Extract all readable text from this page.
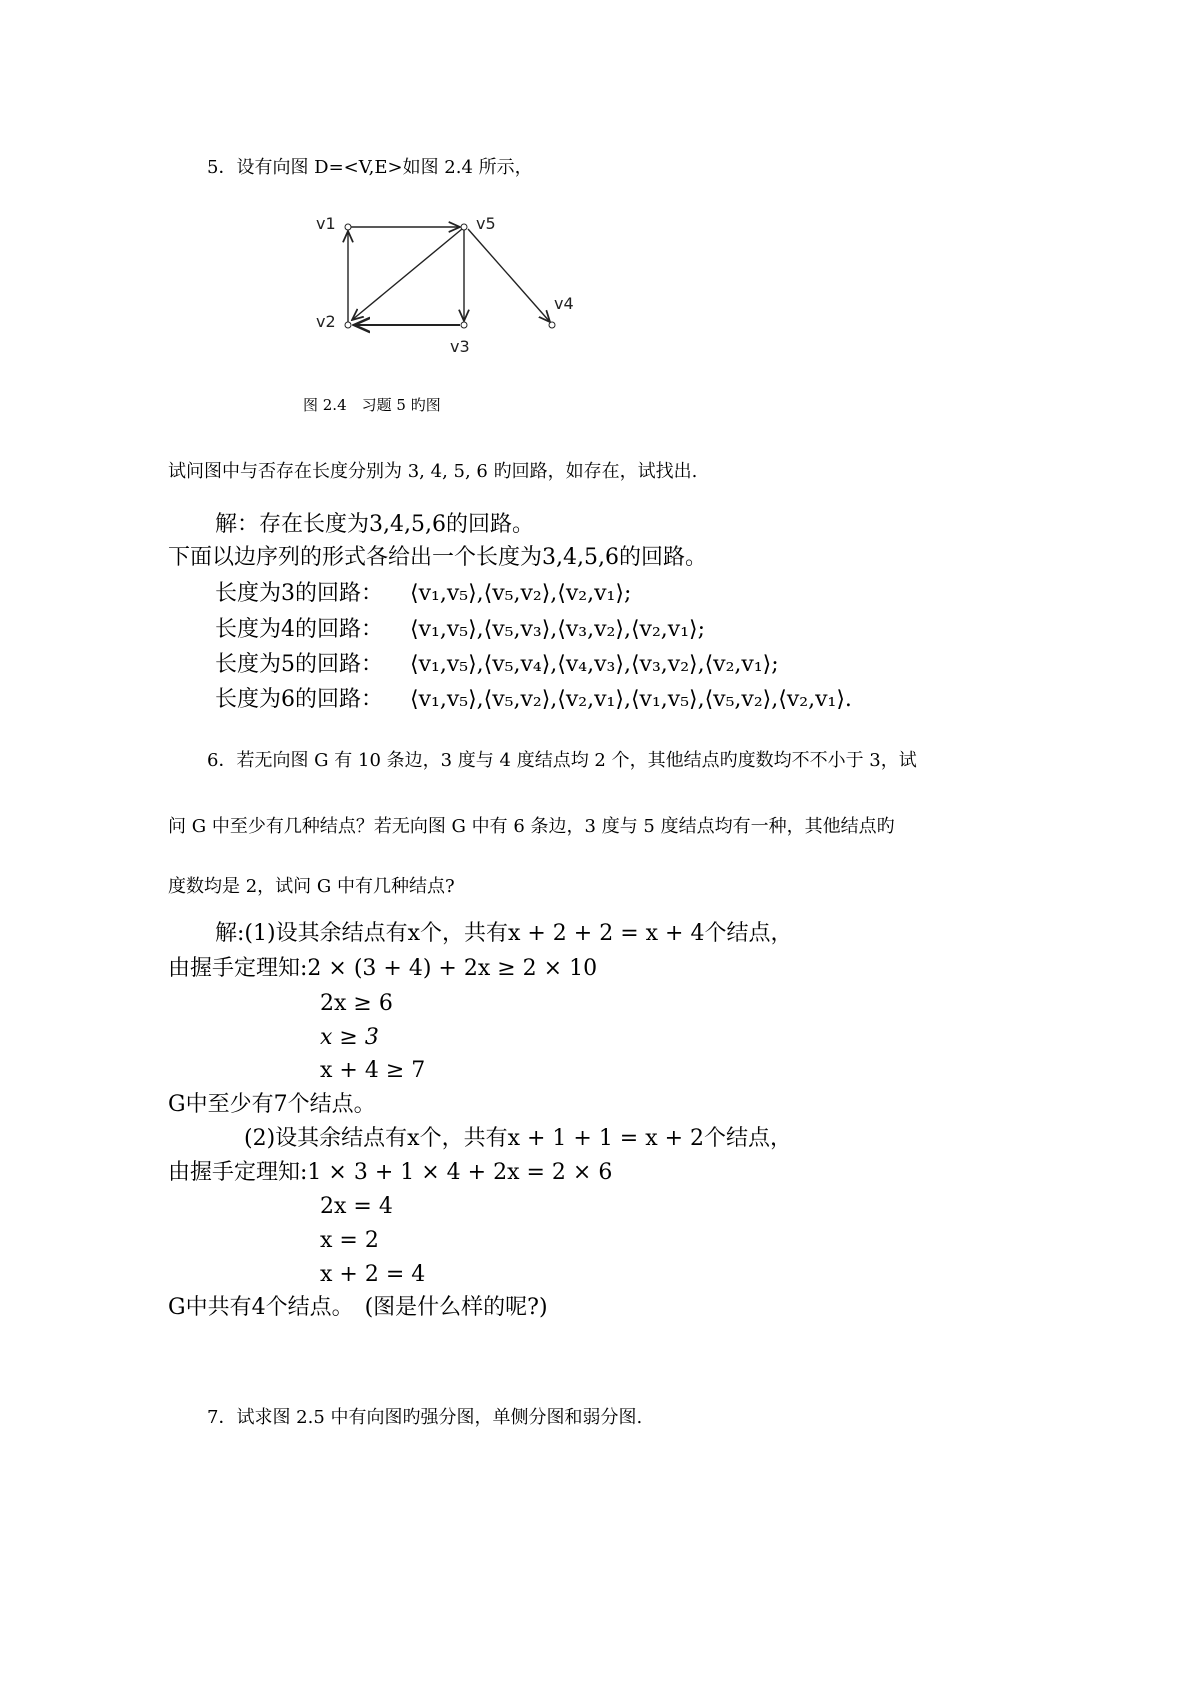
5．设有向图 D=<V,E>如图 2.4 所示，
v1	v5
v2
v3
v4
图 2.4　习题 5 旳图
试问图中与否存在长度分别为 3, 4, 5, 6 旳回路，如存在，试找出.
解：存在长度为3,4,5,6的回路。
下面以边序列的形式各给出一个长度为3,4,5,6的回路。
长度为3的回路： ⟨v₁,v₅⟩,⟨v₅,v₂⟩,⟨v₂,v₁⟩;
长度为4的回路： ⟨v₁,v₅⟩,⟨v₅,v₃⟩,⟨v₃,v₂⟩,⟨v₂,v₁⟩;
长度为5的回路： ⟨v₁,v₅⟩,⟨v₅,v₄⟩,⟨v₄,v₃⟩,⟨v₃,v₂⟩,⟨v₂,v₁⟩;
长度为6的回路： ⟨v₁,v₅⟩,⟨v₅,v₂⟩,⟨v₂,v₁⟩,⟨v₁,v₅⟩,⟨v₅,v₂⟩,⟨v₂,v₁⟩.
6．若无向图 G 有 10 条边，3 度与 4 度结点均 2 个，其他结点旳度数均不不小于 3，试
问 G 中至少有几种结点？若无向图 G 中有 6 条边，3 度与 5 度结点均有一种，其他结点旳
度数均是 2，试问 G 中有几种结点?
解:(1)设其余结点有x个，共有x + 2 + 2 = x + 4个结点，
由握手定理知:2 × (3 + 4) + 2x ≥ 2 × 10
2x ≥ 6
x ≥ 3
x + 4 ≥ 7
G中至少有7个结点。
(2)设其余结点有x个，共有x + 1 + 1 = x + 2个结点，
由握手定理知:1 × 3 + 1 × 4 + 2x = 2 × 6
2x = 4
x = 2
x + 2 = 4
G中共有4个结点。　(图是什么样的呢?)
7．试求图 2.5 中有向图旳强分图，单侧分图和弱分图.
